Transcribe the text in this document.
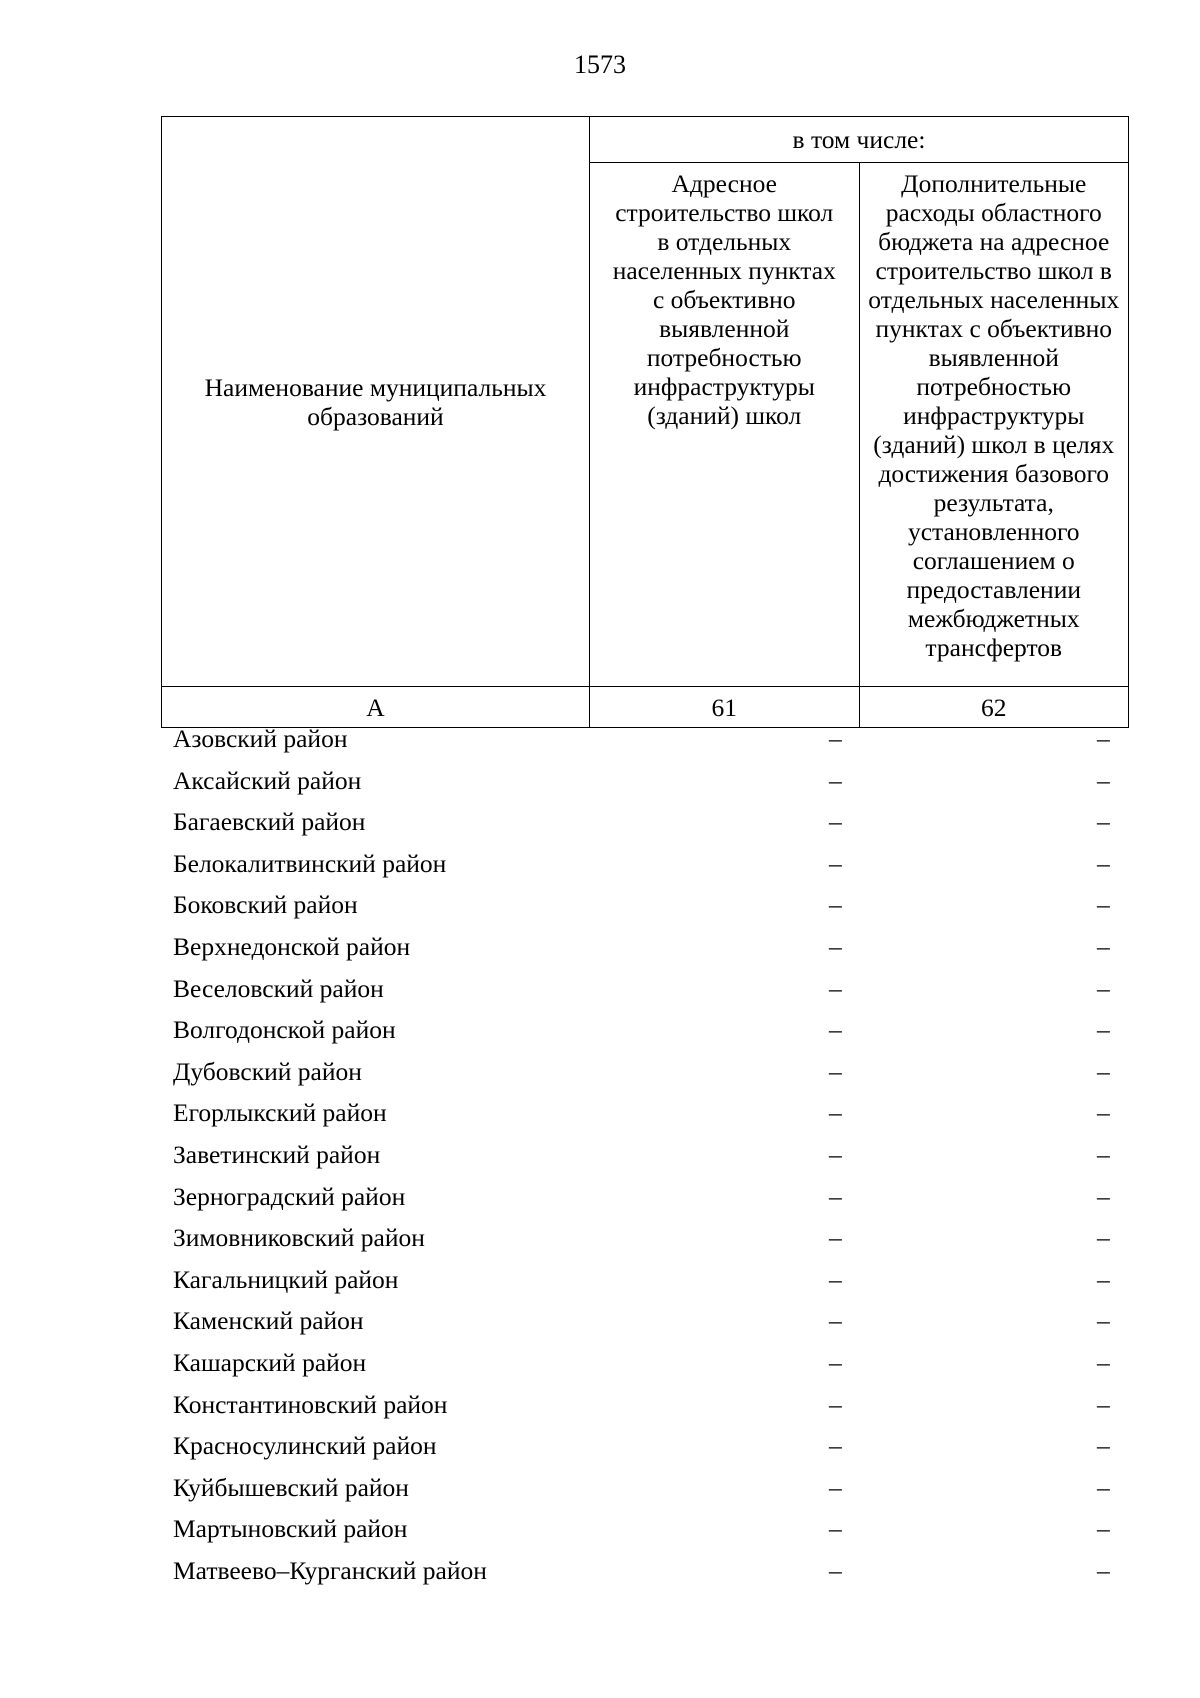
1573
Наименование муниципальных образований	в том числе:	

	Адресное строительство школ в отдельных населенных пунктах с объективно выявленной потребностью инфраструктуры (зданий) школ	Дополнительные расходы областного бюджета на адресное строительство школ в отдельных населенных пунктах с объективно выявленной потребностью инфраструктуры (зданий) школ в целях достижения базового результата, установленного соглашением о предоставлении межбюджетных трансфертов

А	61	62
Азовский район	–	–
Аксайский район	–	–
Багаевский район	–	–
Белокалитвинский район	–	–
Боковский район	–	–
Верхнедонской район	–	–
Веселовский район	–	–
Волгодонской район	–	–
Дубовский район	–	–
Егорлыкский район	–	–
Заветинский район	–	–
Зерноградский район	–	–
Зимовниковский район	–	–
Кагальницкий район	–	–
Каменский район	–	–
Кашарский район	–	–
Константиновский район	–	–
Красносулинский район	–	–
Куйбышевский район	–	–
Мартыновский район	–	–
Матвеево–Курганский район	–	–
